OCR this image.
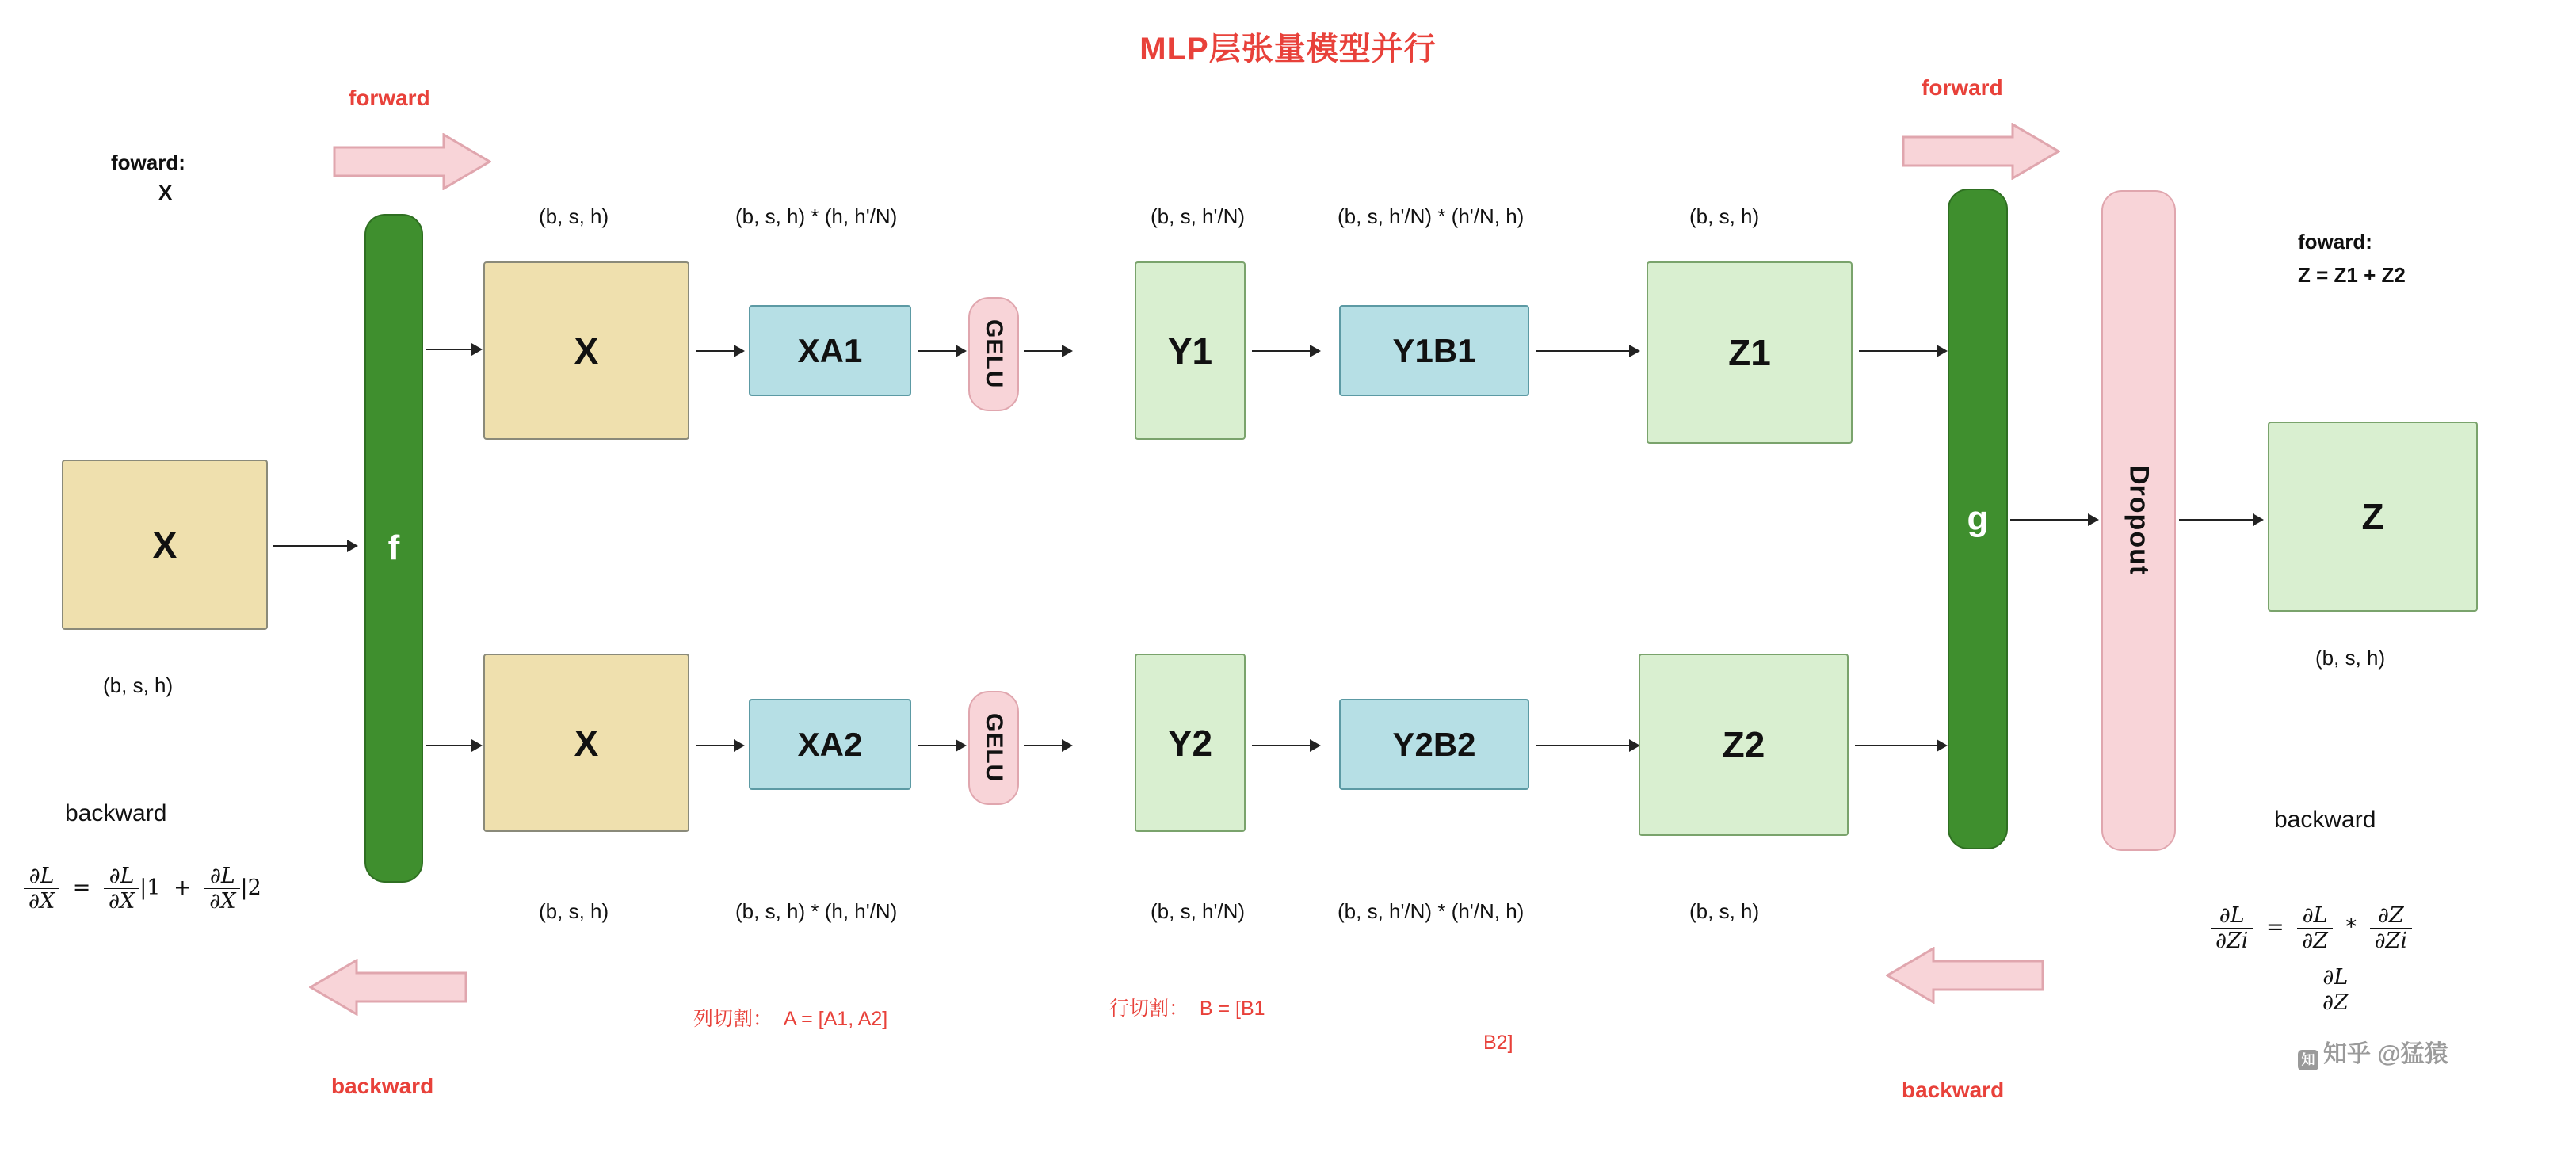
MLP层张量模型并行
forward
foward:
X
forward
foward:
Z = Z1 + Z2
X
(b, s, h)
f
(b, s, h)	(b, s, h) * (h, h'/N)	(b, s, h'/N)	(b, s, h'/N) * (h'/N, h)	(b, s, h)
X	XA1	GELU	Y1	Y1B1	Z1
X	XA2	GELU	Y2	Y2B2	Z2
(b, s, h)	(b, s, h) * (h, h'/N)	(b, s, h'/N)	(b, s, h'/N) * (h'/N, h)	(b, s, h)
g	Dropout	Z
(b, s, h)
backward	backward
$\frac{\partial L}{\partial X} = \frac{\partial L}{\partial X} |1 + \frac{\partial L}{\partial X} |2$
$\frac{\partial L}{\partial Zi} = \frac{\partial L}{\partial Z} * \frac{\partial Z}{\partial Zi}$
$\frac{\partial L}{\partial Z}$
backward	backward
列切割：  A = [A1, A2]	行切割：  B = [B1
B2]
知 知乎 @猛猿
